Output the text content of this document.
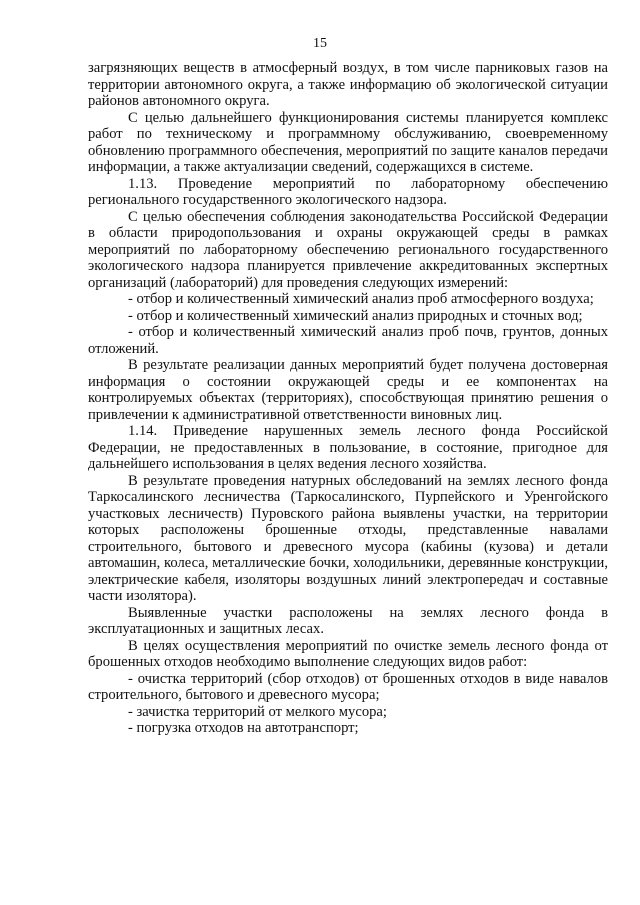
15

загрязняющих веществ в атмосферный воздух, в том числе парниковых газов на территории автономного округа, а также информацию об экологической ситуации районов автономного округа.

С целью дальнейшего функционирования системы планируется комплекс работ по техническому и программному обслуживанию, своевременному обновлению программного обеспечения, мероприятий по защите каналов передачи информации, а также актуализации сведений, содержащихся в системе.

1.13. Проведение мероприятий по лабораторному обеспечению регионального государственного экологического надзора.

С целью обеспечения соблюдения законодательства Российской Федерации в области природопользования и охраны окружающей среды в рамках мероприятий по лабораторному обеспечению регионального государственного экологического надзора планируется привлечение аккредитованных экспертных организаций (лабораторий) для проведения следующих измерений:

- отбор и количественный химический анализ проб атмосферного воздуха;

- отбор и количественный химический анализ природных и сточных вод;

- отбор и количественный химический анализ проб почв, грунтов, донных отложений.

В результате реализации данных мероприятий будет получена достоверная информация о состоянии окружающей среды и ее компонентах на контролируемых объектах (территориях), способствующая принятию решения о привлечении к административной ответственности виновных лиц.

1.14. Приведение нарушенных земель лесного фонда Российской Федерации, не предоставленных в пользование, в состояние, пригодное для дальнейшего использования в целях ведения лесного хозяйства.

В результате проведения натурных обследований на землях лесного фонда Таркосалинского лесничества (Таркосалинского, Пурпейского и Уренгойского участковых лесничеств) Пуровского района выявлены участки, на территории которых расположены брошенные отходы, представленные навалами строительного, бытового и древесного мусора (кабины (кузова) и детали автомашин, колеса, металлические бочки, холодильники, деревянные конструкции, электрические кабеля, изоляторы воздушных линий электропередач и составные части изолятора).

Выявленные участки расположены на землях лесного фонда в эксплуатационных и защитных лесах.

В целях осуществления мероприятий по очистке земель лесного фонда от брошенных отходов необходимо выполнение следующих видов работ:

- очистка территорий (сбор отходов) от брошенных отходов в виде навалов строительного, бытового и древесного мусора;

- зачистка территорий от мелкого мусора;

- погрузка отходов на автотранспорт;
